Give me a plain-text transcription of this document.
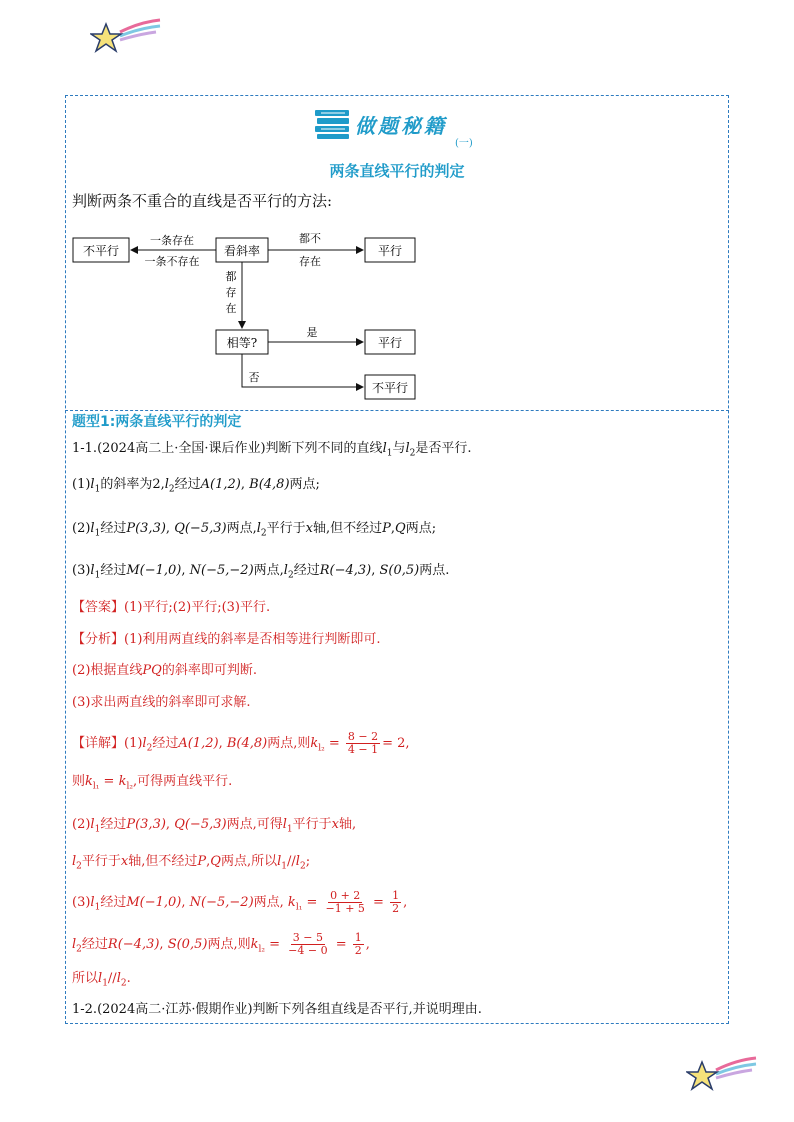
做题秘籍
(一)
两条直线平行的判定
判断两条不重合的直线是否平行的方法:
不平行	看斜率	平行
相等?	平行
不平行
一条存在
一条不存在
都不
存在
都
存
在
是
否
题型1:两条直线平行的判定
1-1.(2024高二上·全国·课后作业)判断下列不同的直线$l_1$与$l_2$是否平行.
$(1)l_1$的斜率为$2,l_2$经过A(1,2), B(4,8)两点;
$(2)l_1$经过P(3,3), Q(−5,3)两点$,l_2$平行于x轴,但不经过P,Q两点;
$(3)l_1$经过M(−1,0), N(−5,−2)两点$,l_2$经过R(−4,3), S(0,5)两点.
【答案】(1)平行;(2)平行;(3)平行.
【分析】(1)利用两直线的斜率是否相等进行判断即可.
(2)根据直线PQ的斜率即可判断.
(3)求出两直线的斜率即可求解.
【详解】$(1)l_2$经过A(1,2), B(4,8)两点,则$k_{l_2} = \frac{8 - 2}{4 - 1} = 2$,
则$k_{l_1} = k_{l_2}$,可得两直线平行.
$(2)l_1$经过P(3,3), Q(−5,3)两点,可得$l_1$平行于x轴,
$l_2$平行于x轴,但不经过P,Q两点,所以$l_1//l_2$;
$(3)l_1$经过M(−1,0), N(−5,−2)两点, $k_{l_1} = \frac{0 + 2}{-1 + 5} = \frac{1}{2}$ ,
$l_2$经过R(−4,3), S(0,5)两点,则$k_{l_2} = \frac{3 - 5}{-4 - 0} = \frac{1}{2}$ ,
所以$l_1//l_2$.
1-2.(2024高二·江苏·假期作业)判断下列各组直线是否平行,并说明理由.
